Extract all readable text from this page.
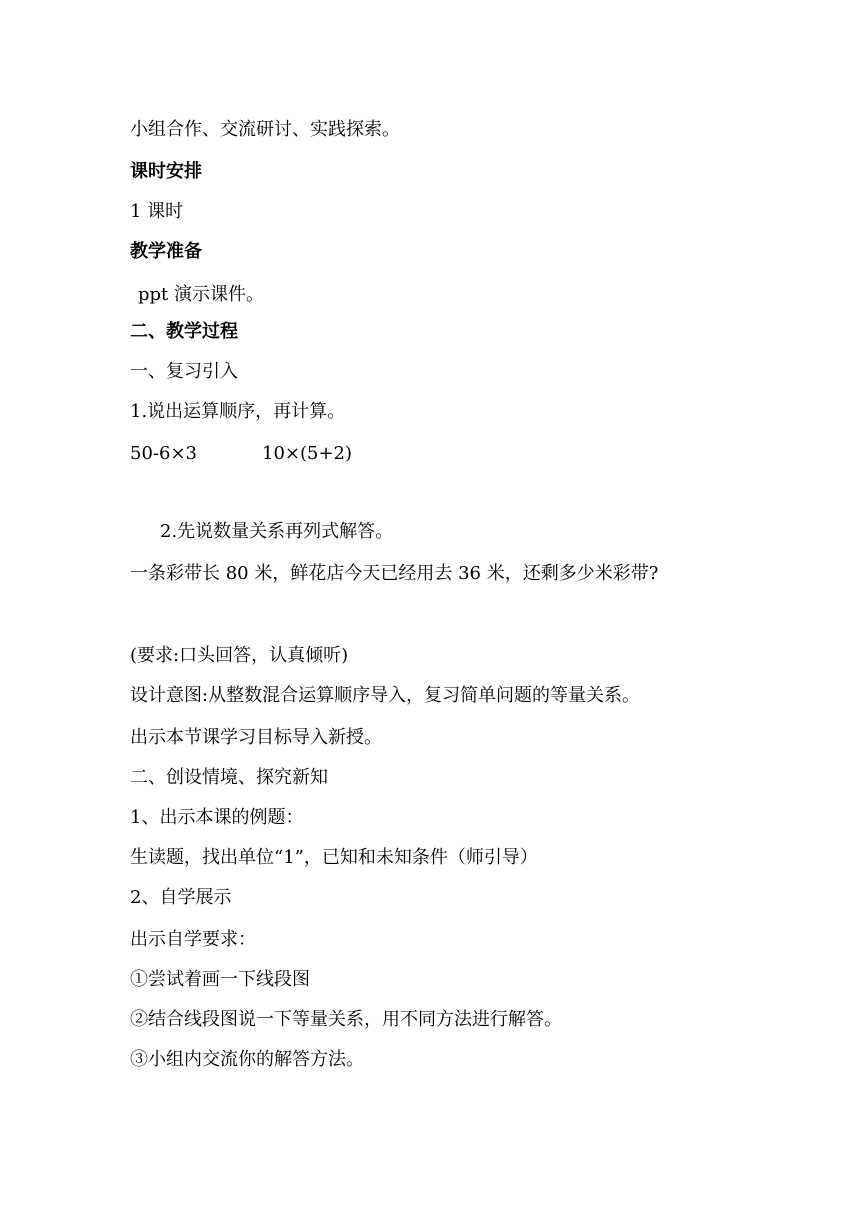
小组合作、交流研讨、实践探索。
课时安排
1 课时
教学准备
ppt 演示课件。
二、教学过程
一、复习引入
1.说出运算顺序，再计算。
50-6×3	10×(5+2)
2.先说数量关系再列式解答。
一条彩带长 80 米，鲜花店今天已经用去 36 米，还剩多少米彩带?
(要求:口头回答，认真倾听)
设计意图:从整数混合运算顺序导入，复习简单问题的等量关系。
出示本节课学习目标导入新授。
二、创设情境、探究新知
1、出示本课的例题：
生读题，找出单位“1”，已知和未知条件（师引导）
2、自学展示
出示自学要求：
①尝试着画一下线段图
②结合线段图说一下等量关系，用不同方法进行解答。
③小组内交流你的解答方法。
